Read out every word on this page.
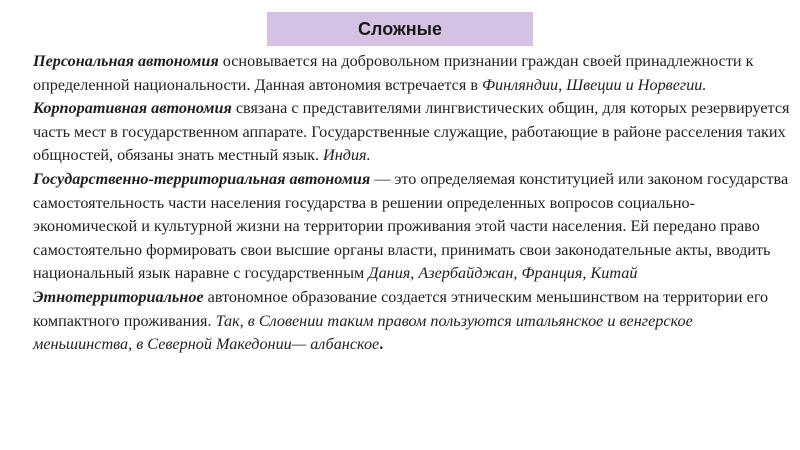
Сложные

Персональная автономия основывается на добровольном признании граждан своей принадлежности к определенной национальности. Данная автономия встречается в Финляндии, Швеции и Норвегии.

Корпоративная автономия связана с представителями лингвистических общин, для которых резервируется часть мест в государственном аппарате. Государственные служащие, работающие в районе расселения таких общностей, обязаны знать местный язык. Индия.

Государственно-территориальная автономия — это определяемая конституцией или законом государства самостоятельность части населения государства в решении определенных вопросов социально-экономической и культурной жизни на территории проживания этой части населения. Ей передано право самостоятельно формировать свои высшие органы власти, принимать свои законодательные акты, вводить национальный язык наравне с государственным Дания, Азербайджан, Франция, Китай

Этнотерриториальное автономное образование создается этническим меньшинством на территории его компактного проживания. Так, в Словении таким правом пользуются итальянское и венгерское меньшинства, в Северной Македонии— албанское.
